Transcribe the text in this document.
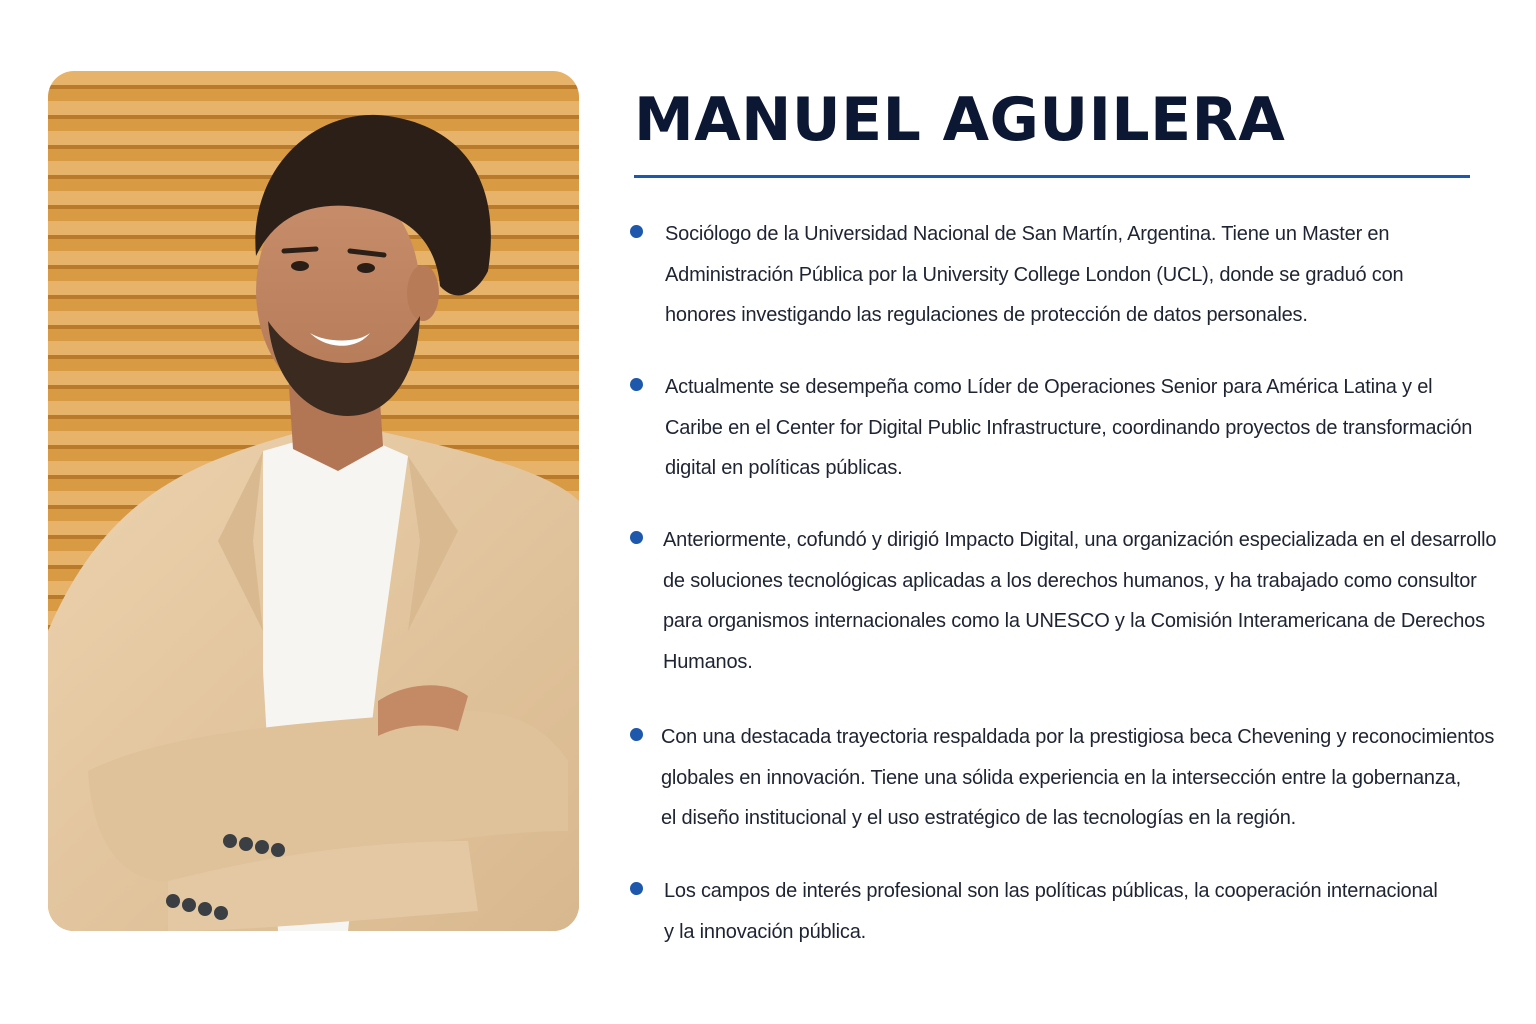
MANUEL AGUILERA
Sociólogo de la Universidad Nacional de San Martín, Argentina. Tiene un Master en
Administración Pública por la University College London (UCL), donde se graduó con
honores investigando las regulaciones de protección de datos personales.
Actualmente se desempeña como Líder de Operaciones Senior para América Latina y el
Caribe en el Center for Digital Public Infrastructure, coordinando proyectos de transformación
digital en políticas públicas.
Anteriormente, cofundó y dirigió Impacto Digital, una organización especializada en el desarrollo
de soluciones tecnológicas aplicadas a los derechos humanos, y ha trabajado como consultor
para organismos internacionales como la UNESCO y la Comisión Interamericana de Derechos
Humanos.
Con una destacada trayectoria respaldada por la prestigiosa beca Chevening y reconocimientos
globales en innovación. Tiene una sólida experiencia en la intersección entre la gobernanza,
el diseño institucional y el uso estratégico de las tecnologías en la región.
Los campos de interés profesional son las políticas públicas, la cooperación internacional
y la innovación pública.
